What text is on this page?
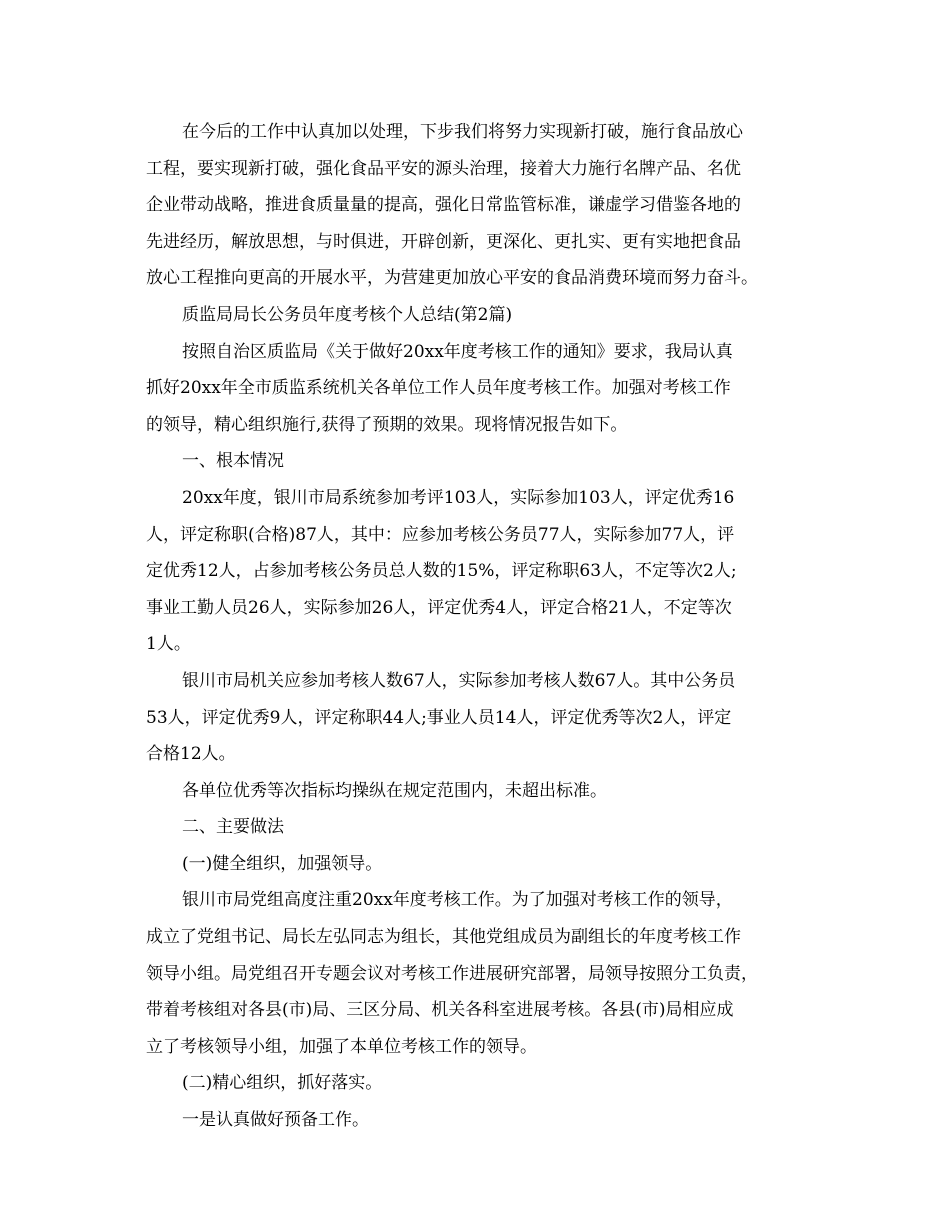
在今后的工作中认真加以处理，下步我们将努力实现新打破，施行食品放心
工程，要实现新打破，强化食品平安的源头治理，接着大力施行名牌产品、名优
企业带动战略，推进食质量量的提高，强化日常监管标准，谦虚学习借鉴各地的
先进经历，解放思想，与时俱进，开辟创新，更深化、更扎实、更有实地把食品
放心工程推向更高的开展水平，为营建更加放心平安的食品消费环境而努力奋斗。
质监局局长公务员年度考核个人总结(第2篇)
按照自治区质监局《关于做好20xx年度考核工作的通知》要求，我局认真
抓好20xx年全市质监系统机关各单位工作人员年度考核工作。加强对考核工作
的领导，精心组织施行,获得了预期的效果。现将情况报告如下。
一、根本情况
20xx年度，银川市局系统参加考评103人，实际参加103人，评定优秀16
人，评定称职(合格)87人，其中：应参加考核公务员77人，实际参加77人，评
定优秀12人，占参加考核公务员总人数的15%，评定称职63人，不定等次2人;
事业工勤人员26人，实际参加26人，评定优秀4人，评定合格21人，不定等次
1人。
银川市局机关应参加考核人数67人，实际参加考核人数67人。其中公务员
53人，评定优秀9人，评定称职44人;事业人员14人，评定优秀等次2人，评定
合格12人。
各单位优秀等次指标均操纵在规定范围内，未超出标准。
二、主要做法
(一)健全组织，加强领导。
银川市局党组高度注重20xx年度考核工作。为了加强对考核工作的领导，
成立了党组书记、局长左弘同志为组长，其他党组成员为副组长的年度考核工作
领导小组。局党组召开专题会议对考核工作进展研究部署，局领导按照分工负责，
带着考核组对各县(市)局、三区分局、机关各科室进展考核。各县(市)局相应成
立了考核领导小组，加强了本单位考核工作的领导。
(二)精心组织，抓好落实。
一是认真做好预备工作。
